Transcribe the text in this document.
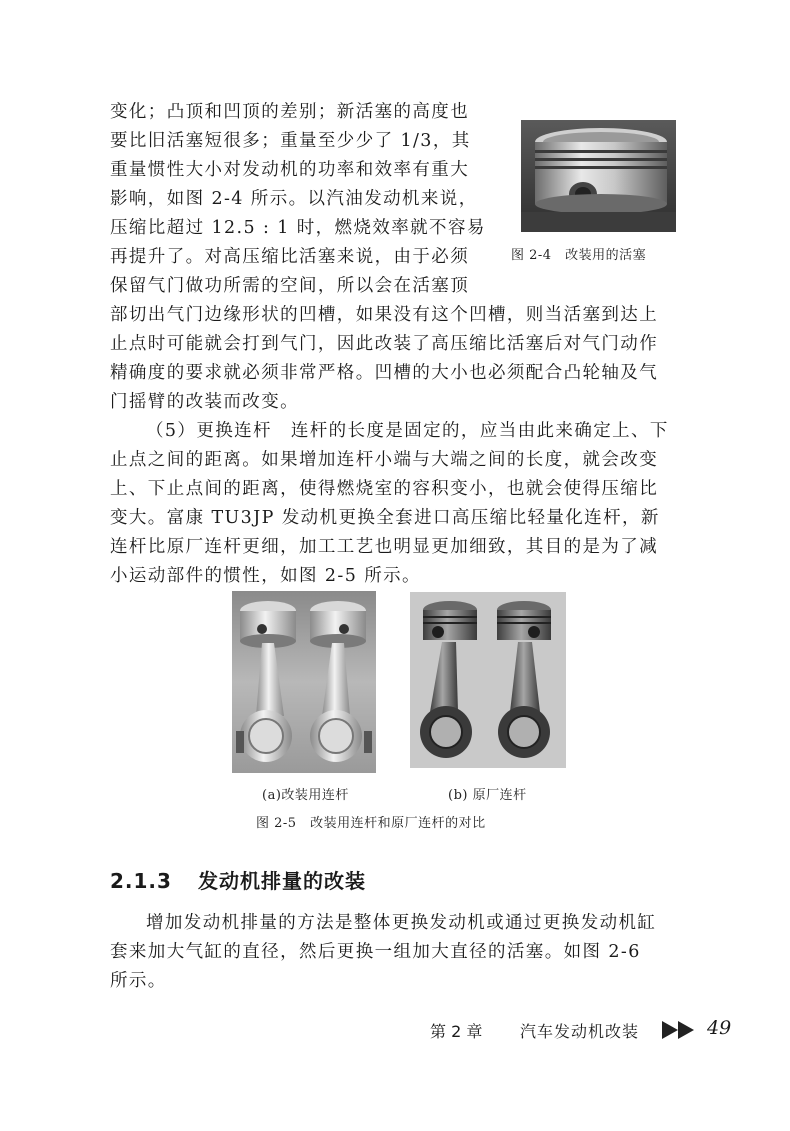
变化；凸顶和凹顶的差别；新活塞的高度也
要比旧活塞短很多；重量至少少了 1/3，其
重量惯性大小对发动机的功率和效率有重大
影响，如图 2-4 所示。以汽油发动机来说，
压缩比超过 12.5 : 1 时，燃烧效率就不容易
再提升了。对高压缩比活塞来说，由于必须
保留气门做功所需的空间，所以会在活塞顶
图 2-4　改装用的活塞
部切出气门边缘形状的凹槽，如果没有这个凹槽，则当活塞到达上
止点时可能就会打到气门，因此改装了高压缩比活塞后对气门动作
精确度的要求就必须非常严格。凹槽的大小也必须配合凸轮轴及气
门摇臂的改装而改变。
（5）更换连杆　连杆的长度是固定的，应当由此来确定上、下
止点之间的距离。如果增加连杆小端与大端之间的长度，就会改变
上、下止点间的距离，使得燃烧室的容积变小，也就会使得压缩比
变大。富康 TU3JP 发动机更换全套进口高压缩比轻量化连杆，新
连杆比原厂连杆更细，加工工艺也明显更加细致，其目的是为了减
小运动部件的惯性，如图 2-5 所示。
(a)改装用连杆	(b) 原厂连杆
图 2-5　改装用连杆和原厂连杆的对比
2.1.3 发动机排量的改装
增加发动机排量的方法是整体更换发动机或通过更换发动机缸
套来加大气缸的直径，然后更换一组加大直径的活塞。如图 2-6
所示。
第 2 章 汽车发动机改装	49
